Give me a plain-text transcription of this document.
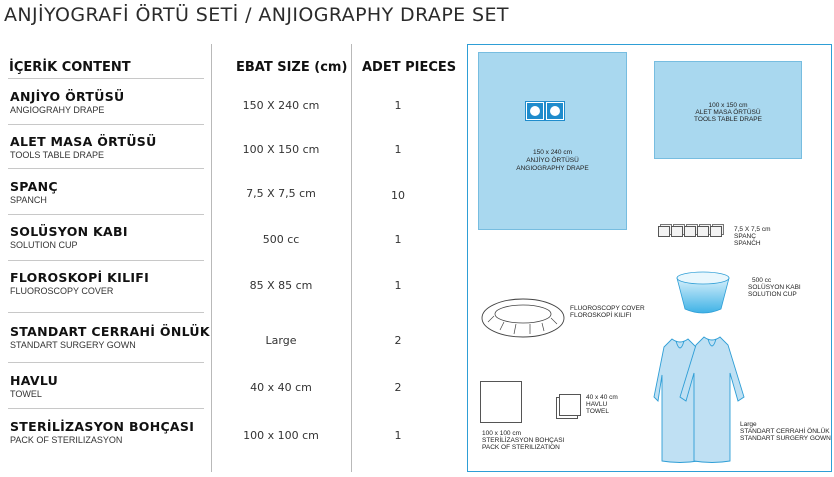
ANJİYOGRAFİ ÖRTÜ SETİ / ANJIOGRAPHY DRAPE SET
İÇERİK CONTENT	EBAT SIZE (cm) ADET PIECES
ANJİYO ÖRTÜSÜ
ANGIOGRAHY DRAPE	150 X 240 cm	1
ALET MASA ÖRTÜSÜ
TOOLS TABLE DRAPE	100 X 150 cm	1
SPANÇ
SPANCH	7,5 X 7,5 cm	10
SOLÜSYON KABI
SOLUTION CUP	500 cc	1
FLOROSKOPİ KILIFI
FLUOROSCOPY COVER	85 X 85 cm	1
STANDART CERRAHİ ÖNLÜK
STANDART SURGERY GOWN	Large	2
HAVLU
TOWEL	40 x 40 cm	2
STERİLİZASYON BOHÇASI
PACK OF STERILIZASYON	100 x 100 cm	1
150 x 240 cm
ANJİYO ÖRTÜSÜ
ANGIOGRAPHY DRAPE
100 x 150 cm
ALET MASA ÖRTÜSÜ
TOOLS TABLE DRAPE
7,5 X 7,5 cm
SPANÇ
SPANCH
500 cc
SOLÜSYON KABI
SOLUTION CUP
FLUOROSCOPY COVER
FLOROSKOPİ KILIFI
Large
STANDART CERRAHİ ÖNLÜK
STANDART SURGERY GOWN
100 x 100 cm
STERİLİZASYON BOHÇASI
PACK OF STERILIZATION
40 x 40 cm
HAVLU
TOWEL
